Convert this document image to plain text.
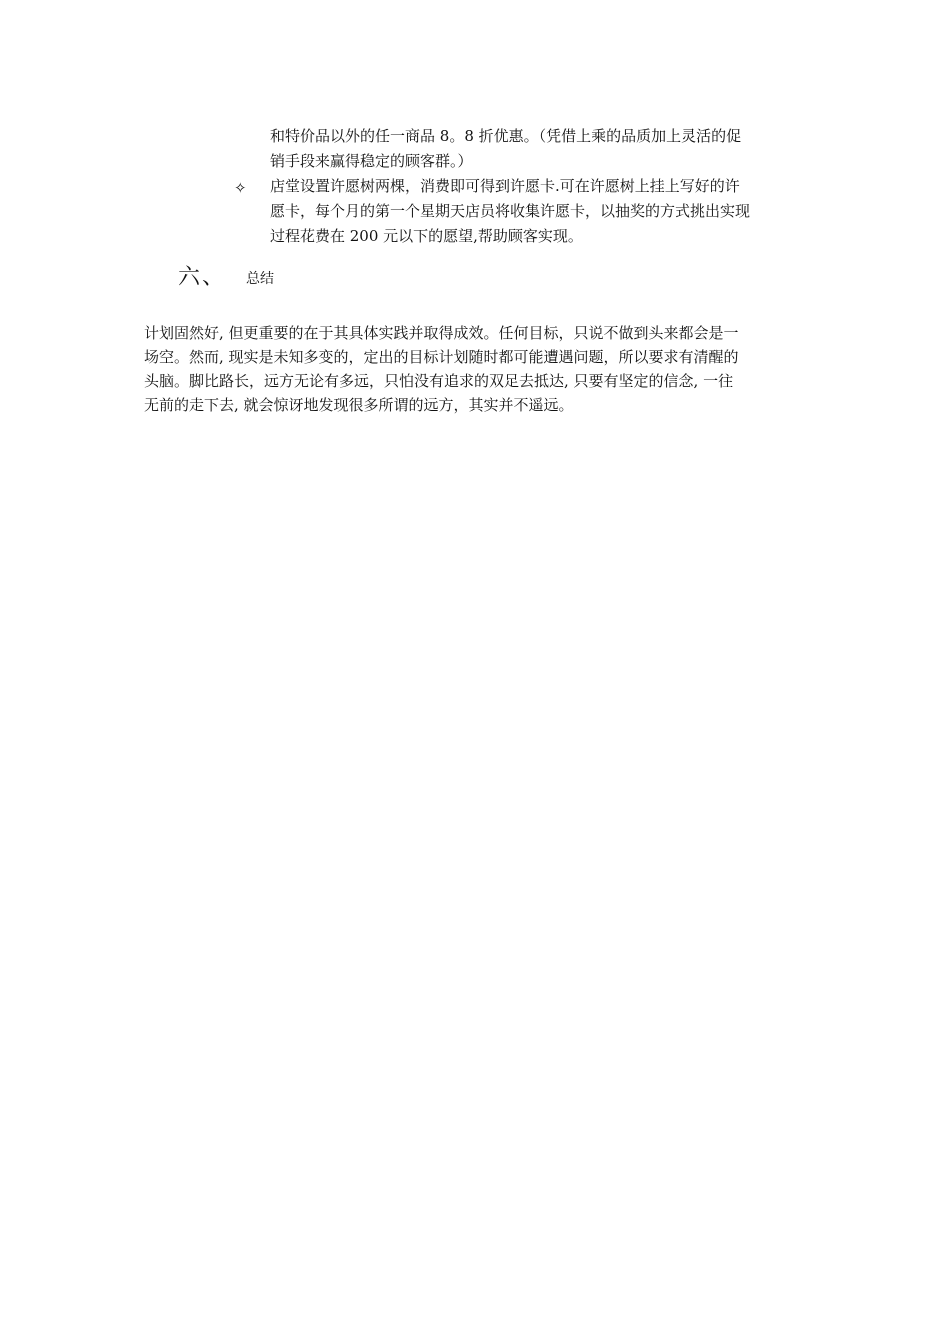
和特价品以外的任一商品 8。8 折优惠。（凭借上乘的品质加上灵活的促
销手段来赢得稳定的顾客群。）
✧ 店堂设置许愿树两棵，消费即可得到许愿卡.可在许愿树上挂上写好的许
愿卡，每个月的第一个星期天店员将收集许愿卡，以抽奖的方式挑出实现
过程花费在 200 元以下的愿望,帮助顾客实现。
六、 总结
计划固然好, 但更重要的在于其具体实践并取得成效。任何目标，只说不做到头来都会是一
场空。然而, 现实是未知多变的，定出的目标计划随时都可能遭遇问题，所以要求有清醒的
头脑。脚比路长，远方无论有多远，只怕没有追求的双足去抵达, 只要有坚定的信念, 一往
无前的走下去, 就会惊讶地发现很多所谓的远方，其实并不遥远。
